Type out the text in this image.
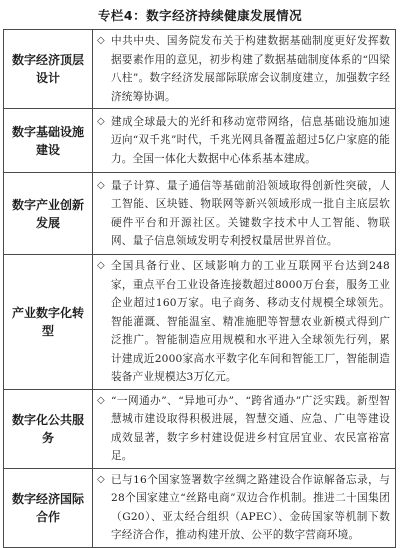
专栏4：数字经济持续健康发展情况
数字经济顶层设计	◇ 中共中央、国务院发布关于构建数据基础制度更好发挥数据要素作用的意见，初步构建了数据基础制度体系的“四梁八柱”。数字经济发展部际联席会议制度建立，加强数字经济统筹协调。

数字基础设施建设	◇ 建成全球最大的光纤和移动宽带网络，信息基础设施加速迈向“双千兆”时代，千兆光网具备覆盖超过5亿户家庭的能力。全国一体化大数据中心体系基本建成。

数字产业创新发展	◇ 量子计算、量子通信等基础前沿领域取得创新性突破，人工智能、区块链、物联网等新兴领域形成一批自主底层软硬件平台和开源社区。关键数字技术中人工智能、物联网、量子信息领域发明专利授权量居世界首位。

产业数字化转型	◇ 全国具备行业、区域影响力的工业互联网平台达到248家，重点平台工业设备连接数超过8000万台套，服务工业企业超过160万家。电子商务、移动支付规模全球领先。智能灌溉、智能温室、精准施肥等智慧农业新模式得到广泛推广。智能制造应用规模和水平进入全球领先行列，累计建成近2000家高水平数字化车间和智能工厂，智能制造装备产业规模达3万亿元。

数字化公共服务	◇ “一网通办”、“异地可办”、“跨省通办”广泛实践。新型智慧城市建设取得积极进展，智慧交通、应急、广电等建设成效显著，数字乡村建设促进乡村宜居宜业、农民富裕富足。

数字经济国际合作	◇ 已与16个国家签署数字丝绸之路建设合作谅解备忘录，与28个国家建立“丝路电商”双边合作机制。推进二十国集团（G20）、亚太经合组织（APEC）、金砖国家等机制下数字经济合作，推动构建开放、公平的数字营商环境。
